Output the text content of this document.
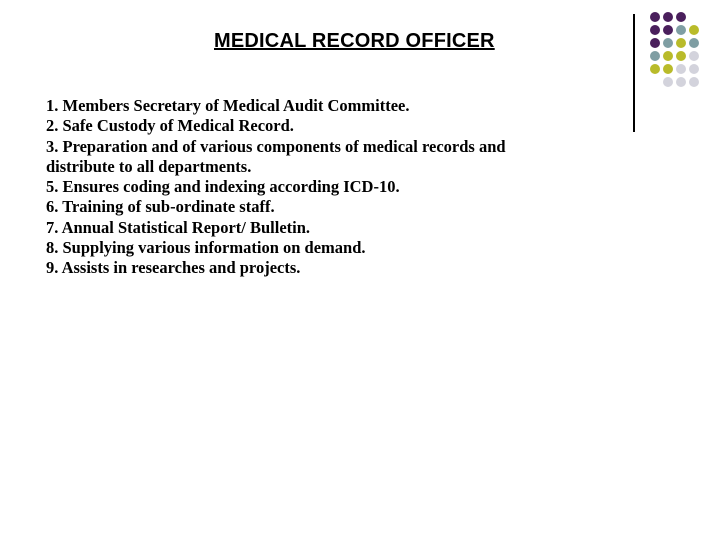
MEDICAL RECORD OFFICER
1. Members Secretary of Medical Audit Committee.
2. Safe Custody of Medical Record.
3. Preparation and of various components of medical records and
distribute to all departments.
5. Ensures coding and indexing according ICD-10.
6. Training of sub-ordinate staff.
7. Annual Statistical Report/ Bulletin.
8. Supplying various information on demand.
9. Assists in researches and projects.
